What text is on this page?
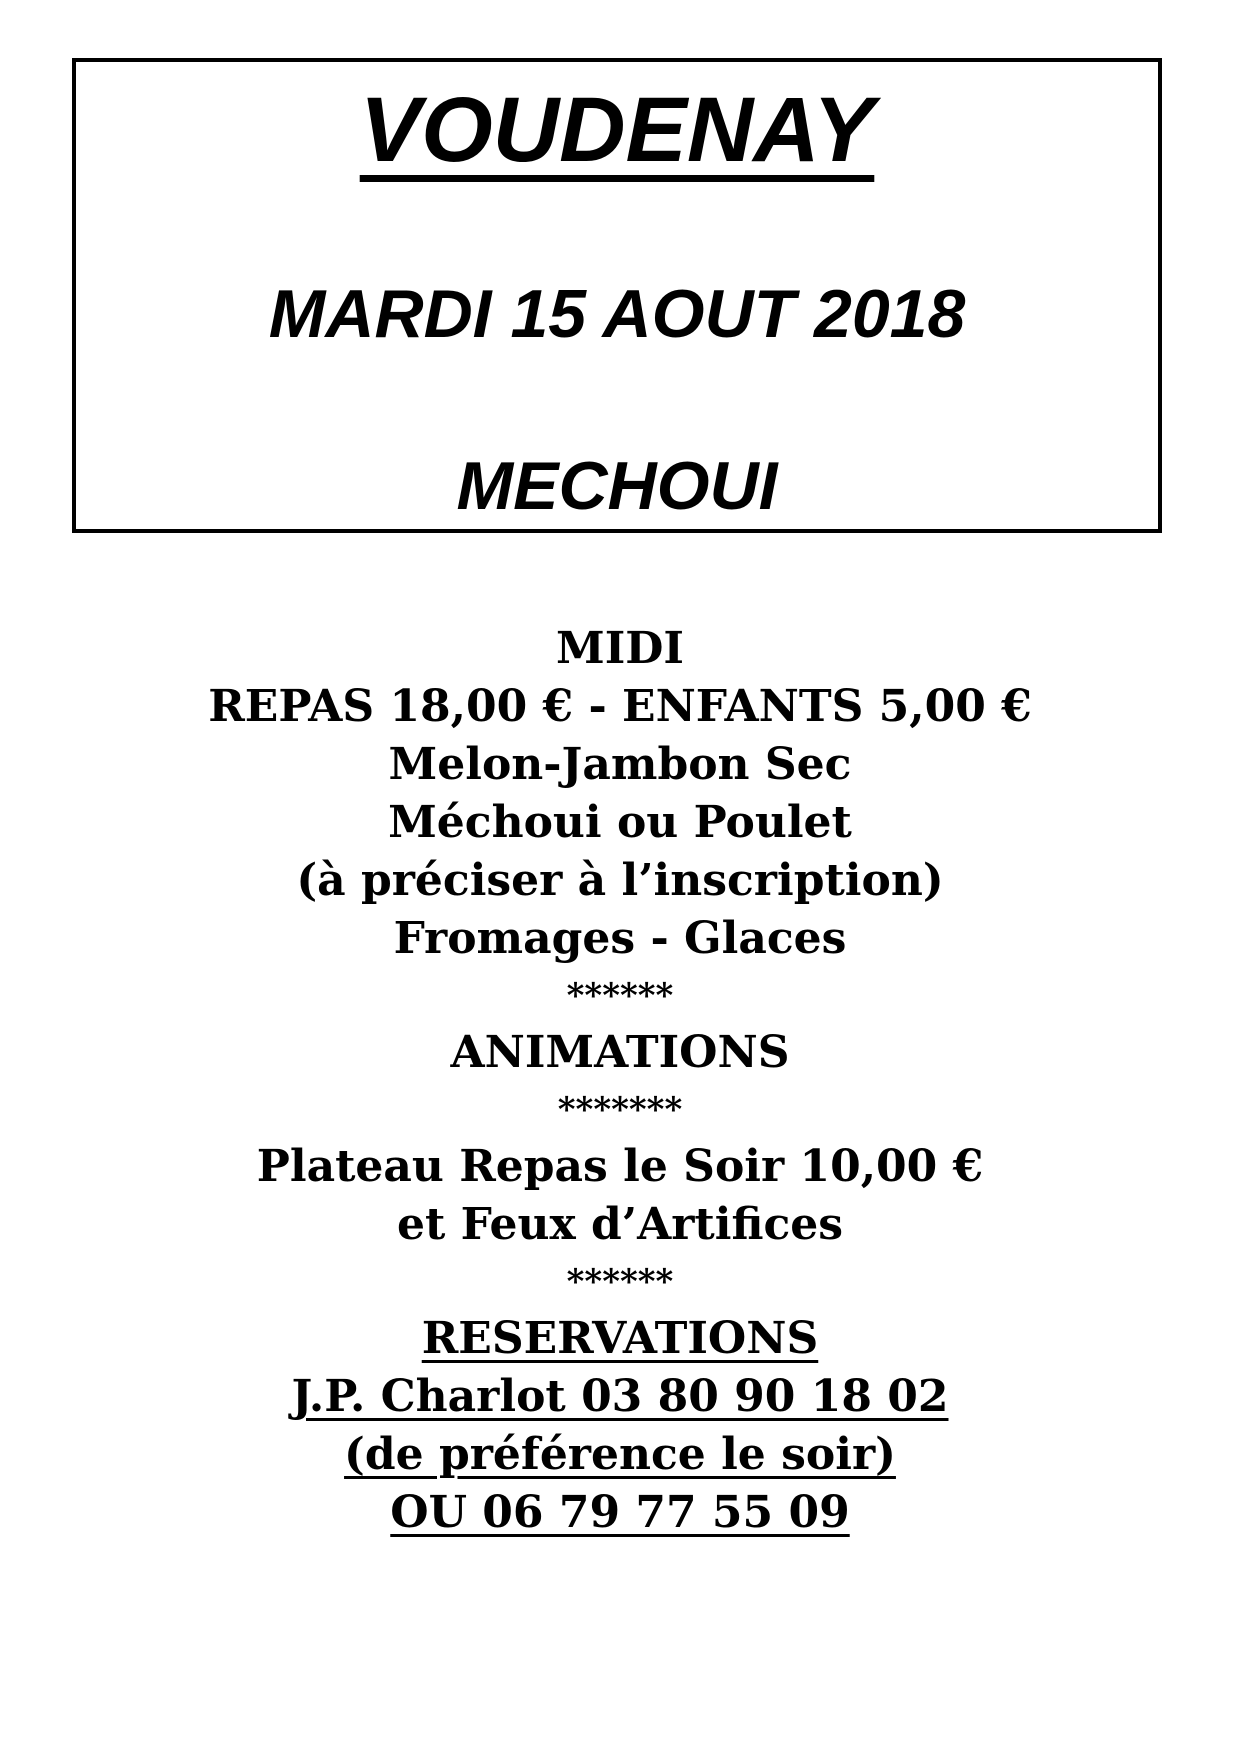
VOUDENAY
MARDI 15 AOUT 2018
MECHOUI
MIDI
REPAS 18,00 € - ENFANTS 5,00 €
Melon-Jambon Sec
Méchoui ou Poulet
(à préciser à l’inscription)
Fromages - Glaces
******
ANIMATIONS
*******
Plateau Repas le Soir 10,00 €
et Feux d’Artifices
******
RESERVATIONS
J.P. Charlot 03 80 90 18 02
(de préférence le soir)
OU 06 79 77 55 09
